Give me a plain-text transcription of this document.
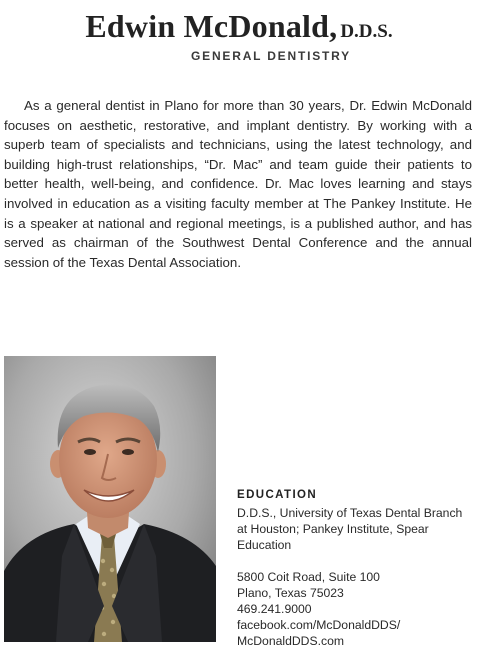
Edwin McDonald, D.D.S.
GENERAL DENTISTRY

As a general dentist in Plano for more than 30 years, Dr. Edwin McDonald focuses on aesthetic, restorative, and implant dentistry. By working with a superb team of specialists and technicians, using the latest technology, and building high-trust relationships, “Dr. Mac” and team guide their patients to better health, well-being, and confidence. Dr. Mac loves learning and stays involved in education as a visiting faculty member at The Pankey Institute. He is a speaker at national and regional meetings, is a published author, and has served as chairman of the Southwest Dental Conference and the annual session of the Texas Dental Association.

EDUCATION
D.D.S., University of Texas Dental Branch at Houston; Pankey Institute, Spear Education
5800 Coit Road, Suite 100
Plano, Texas 75023
469.241.9000
facebook.com/McDonaldDDS/
McDonaldDDS.com
